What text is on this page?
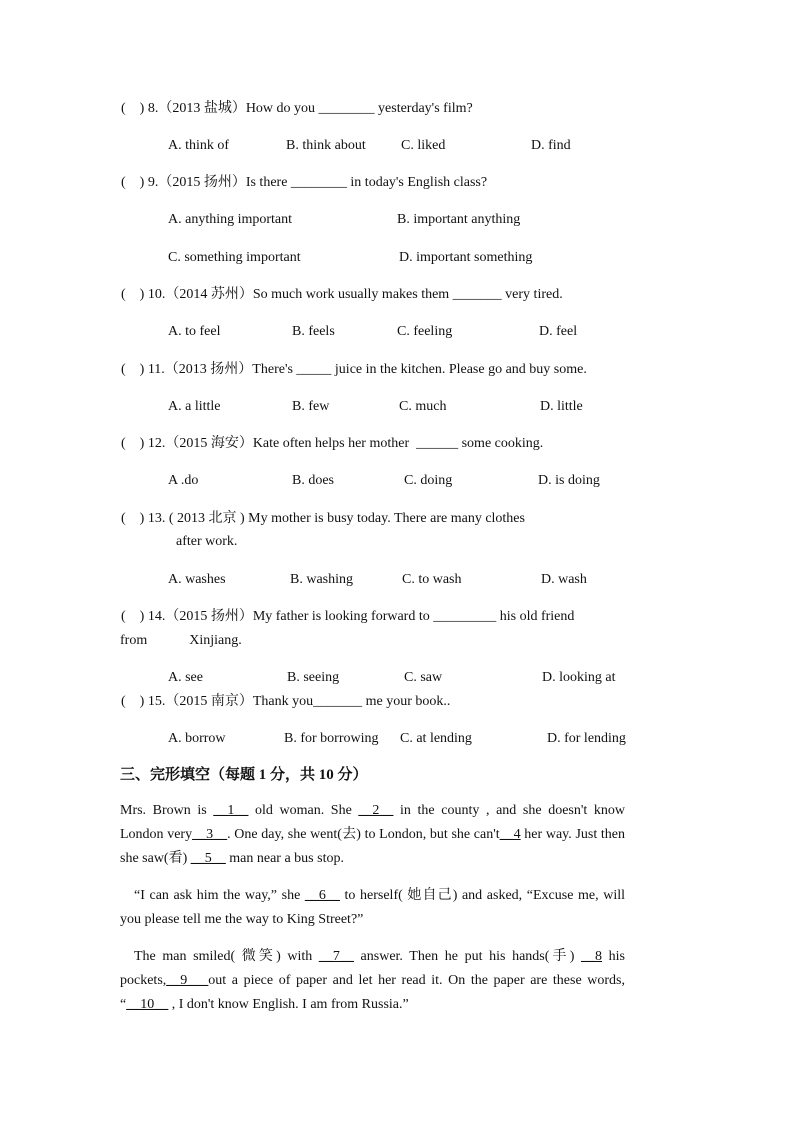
(    ) 8.（2013 盐城）How do you ________ yesterday's film?
A. think of	B. think about	C. liked	D. find
(    ) 9.（2015 扬州）Is there ________ in today's English class?
A. anything important	B. important anything
C. something important	D. important something
(    ) 10.（2014 苏州）So much work usually makes them _______ very tired.
A. to feel	B. feels	C. feeling	D. feel
(    ) 11.（2013 扬州）There's _____ juice in the kitchen. Please go and buy some.
A. a little	B. few	C. much	D. little
(    ) 12.（2015 海安）Kate often helps her mother  ______ some cooking.
A .do	B. does	C. doing	D. is doing
(    ) 13. ( 2013 北京 ) My mother is busy today. There are many clothes
after work.
A. washes	B. washing	C. to wash	D. wash
(    ) 14.（2015 扬州）My father is looking forward to _________ his old friend
from            Xinjiang.
A. see	B. seeing	C. saw	D. looking at
(    ) 15.（2015 南京）Thank you_______ me your book..
A. borrow	B. for borrowing C. at lending	D. for lending
三、完形填空（每题 1 分，共 10 分）
Mrs. Brown is __1__ old woman. She __2__ in the county , and she doesn't know London very__3__. One day, she went(去) to London, but she can't__4 her way. Just then she saw(看) __5__ man near a bus stop.
“I can ask him the way,” she __6__ to herself( 她自己) and asked, “Excuse me, will you please tell me the way to King Street?”
The man smiled( 微笑) with __7__ answer. Then he put his hands(手) __8 his pockets,__9___out a piece of paper and let her read it. On the paper are these words, “__10__ , I don't know English. I am from Russia.”
